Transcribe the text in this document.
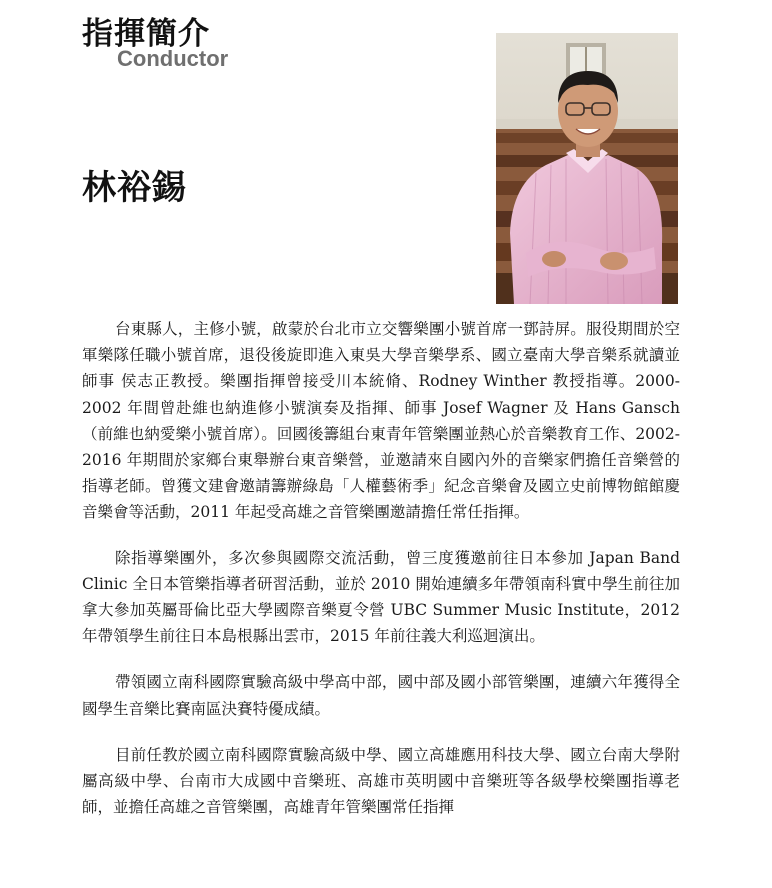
指揮簡介
Conductor
林裕錫

台東縣人，主修小號，啟蒙於台北市立交響樂團小號首席一鄧詩屏。服役期間於空軍樂隊任職小號首席，退役後旋即進入東吳大學音樂學系、國立臺南大學音樂系就讀並師事 侯志正教授。樂團指揮曾接受川本統脩、Rodney Winther 教授指導。2000-2002 年間曾赴維也納進修小號演奏及指揮、師事 Josef Wagner 及 Hans Gansch（前維也納愛樂小號首席）。回國後籌組台東青年管樂團並熱心於音樂教育工作、2002-2016 年期間於家鄉台東舉辦台東音樂營，並邀請來自國內外的音樂家們擔任音樂營的指導老師。曾獲文建會邀請籌辦綠島「人權藝術季」紀念音樂會及國立史前博物館館慶音樂會等活動，2011 年起受高雄之音管樂團邀請擔任常任指揮。

除指導樂團外，多次參與國際交流活動，曾三度獲邀前往日本參加 Japan Band Clinic 全日本管樂指導者研習活動，並於 2010 開始連續多年帶領南科實中學生前往加拿大參加英屬哥倫比亞大學國際音樂夏令營 UBC Summer Music Institute，2012 年帶領學生前往日本島根縣出雲市，2015 年前往義大利巡迴演出。

帶領國立南科國際實驗高級中學高中部，國中部及國小部管樂團，連續六年獲得全國學生音樂比賽南區決賽特優成績。

目前任教於國立南科國際實驗高級中學、國立高雄應用科技大學、國立台南大學附屬高級中學、台南市大成國中音樂班、高雄市英明國中音樂班等各級學校樂團指導老師，並擔任高雄之音管樂團，高雄青年管樂團常任指揮
